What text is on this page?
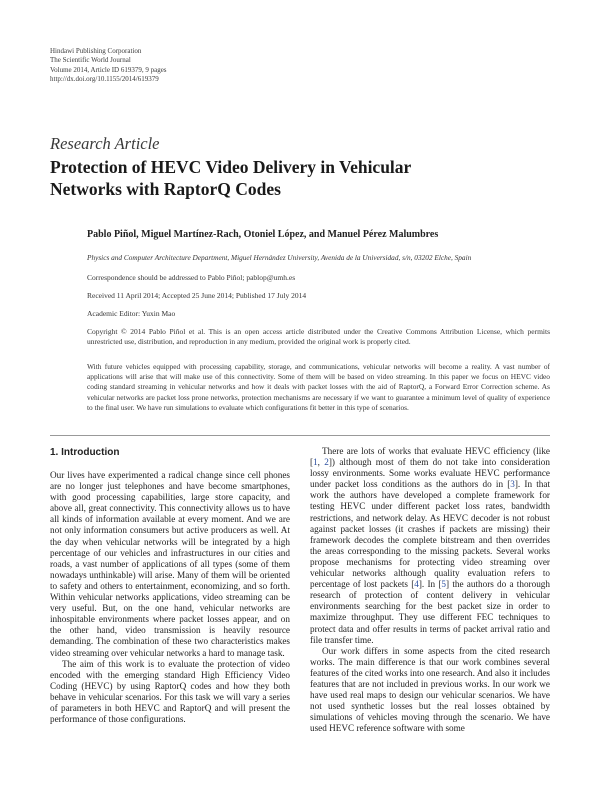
Hindawi Publishing Corporation
The Scientific World Journal
Volume 2014, Article ID 619379, 9 pages
http://dx.doi.org/10.1155/2014/619379
Research Article
Protection of HEVC Video Delivery in Vehicular
Networks with RaptorQ Codes
Pablo Piñol, Miguel Martínez-Rach, Otoniel López, and Manuel Pérez Malumbres
Physics and Computer Architecture Department, Miguel Hernández University, Avenida de la Universidad, s/n, 03202 Elche, Spain
Correspondence should be addressed to Pablo Piñol; pablop@umh.es
Received 11 April 2014; Accepted 25 June 2014; Published 17 July 2014
Academic Editor: Yuxin Mao
Copyright © 2014 Pablo Piñol et al. This is an open access article distributed under the Creative Commons Attribution License, which permits unrestricted use, distribution, and reproduction in any medium, provided the original work is properly cited.
With future vehicles equipped with processing capability, storage, and communications, vehicular networks will become a reality. A vast number of applications will arise that will make use of this connectivity. Some of them will be based on video streaming. In this paper we focus on HEVC video coding standard streaming in vehicular networks and how it deals with packet losses with the aid of RaptorQ, a Forward Error Correction scheme. As vehicular networks are packet loss prone networks, protection mechanisms are necessary if we want to guarantee a minimum level of quality of experience to the final user. We have run simulations to evaluate which configurations fit better in this type of scenarios.
1. Introduction

Our lives have experimented a radical change since cell phones are no longer just telephones and have become smartphones, with good processing capabilities, large store capacity, and above all, great connectivity. This connectivity allows us to have all kinds of information available at every moment. And we are not only information consumers but active producers as well. At the day when vehicular networks will be integrated by a high percentage of our vehicles and infrastructures in our cities and roads, a vast number of applications of all types (some of them nowadays unthinkable) will arise. Many of them will be oriented to safety and others to entertainment, economizing, and so forth. Within vehicular networks applications, video streaming can be very useful. But, on the one hand, vehicular networks are inhospitable environments where packet losses appear, and on the other hand, video transmission is heavily resource demanding. The combination of these two characteristics makes video streaming over vehicular networks a hard to manage task.

The aim of this work is to evaluate the protection of video encoded with the emerging standard High Efficiency Video Coding (HEVC) by using RaptorQ codes and how they both behave in vehicular scenarios. For this task we will vary a series of parameters in both HEVC and RaptorQ and will present the performance of those configurations.

There are lots of works that evaluate HEVC efficiency (like [1, 2]) although most of them do not take into consideration lossy environments. Some works evaluate HEVC performance under packet loss conditions as the authors do in [3]. In that work the authors have developed a complete framework for testing HEVC under different packet loss rates, bandwidth restrictions, and network delay. As HEVC decoder is not robust against packet losses (it crashes if packets are missing) their framework decodes the complete bitstream and then overrides the areas corresponding to the missing packets. Several works propose mechanisms for protecting video streaming over vehicular networks although quality evaluation refers to percentage of lost packets [4]. In [5] the authors do a thorough research of protection of content delivery in vehicular environments searching for the best packet size in order to maximize throughput. They use different FEC techniques to protect data and offer results in terms of packet arrival ratio and file transfer time.

Our work differs in some aspects from the cited research works. The main difference is that our work combines several features of the cited works into one research. And also it includes features that are not included in previous works. In our work we have used real maps to design our vehicular scenarios. We have not used synthetic losses but the real losses obtained by simulations of vehicles moving through the scenario. We have used HEVC reference software with some
